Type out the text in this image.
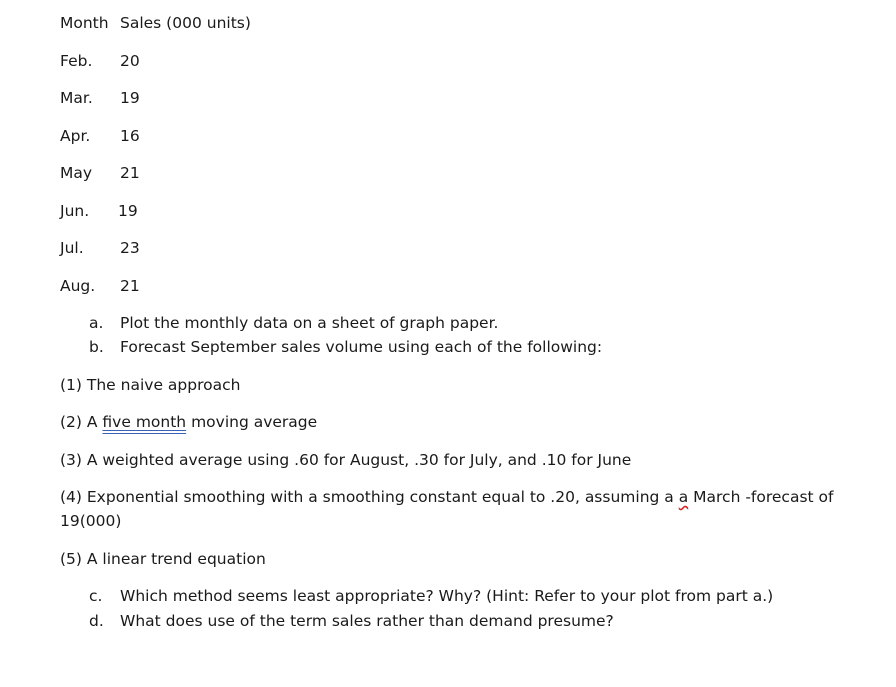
Month Sales (000 units)
Feb. 20
Mar. 19
Apr. 16
May 21
Jun. 19
Jul. 23
Aug. 21
a. Plot the monthly data on a sheet of graph paper.
b. Forecast September sales volume using each of the following:
(1) The naive approach
(2) A five month moving average
(3) A weighted average using .60 for August, .30 for July, and .10 for June
(4) Exponential smoothing with a smoothing constant equal to .20, assuming a a March -forecast of
19(000)
(5) A linear trend equation
c. Which method seems least appropriate? Why? (Hint: Refer to your plot from part a.)
d. What does use of the term sales rather than demand presume?
